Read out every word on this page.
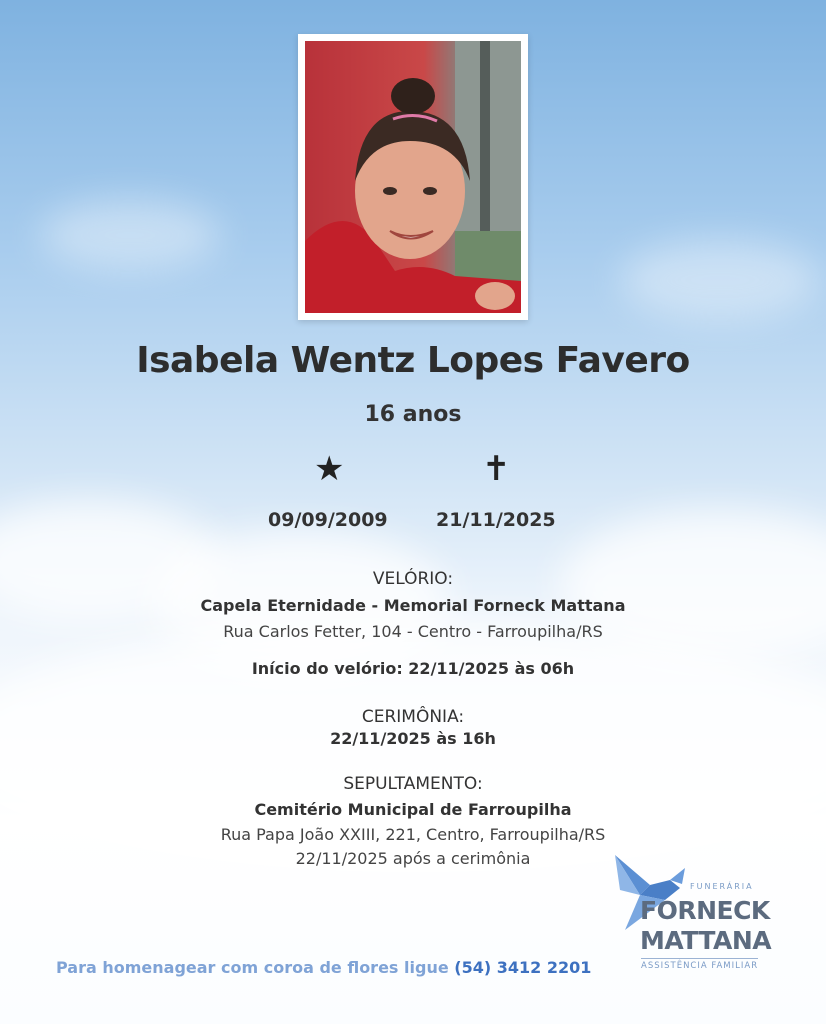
Isabela Wentz Lopes Favero
16 anos
★	✝
09/09/2009	21/11/2025
VELÓRIO:
Capela Eternidade - Memorial Forneck Mattana
Rua Carlos Fetter, 104 - Centro - Farroupilha/RS
Início do velório: 22/11/2025 às 06h
CERIMÔNIA:
22/11/2025 às 16h
SEPULTAMENTO:
Cemitério Municipal de Farroupilha
Rua Papa João XXIII, 221, Centro, Farroupilha/RS
22/11/2025 após a cerimônia
Para homenagear com coroa de flores ligue (54) 3412 2201
FUNERÁRIA
FORNECK
MATTANA
ASSISTÊNCIA FAMILIAR
